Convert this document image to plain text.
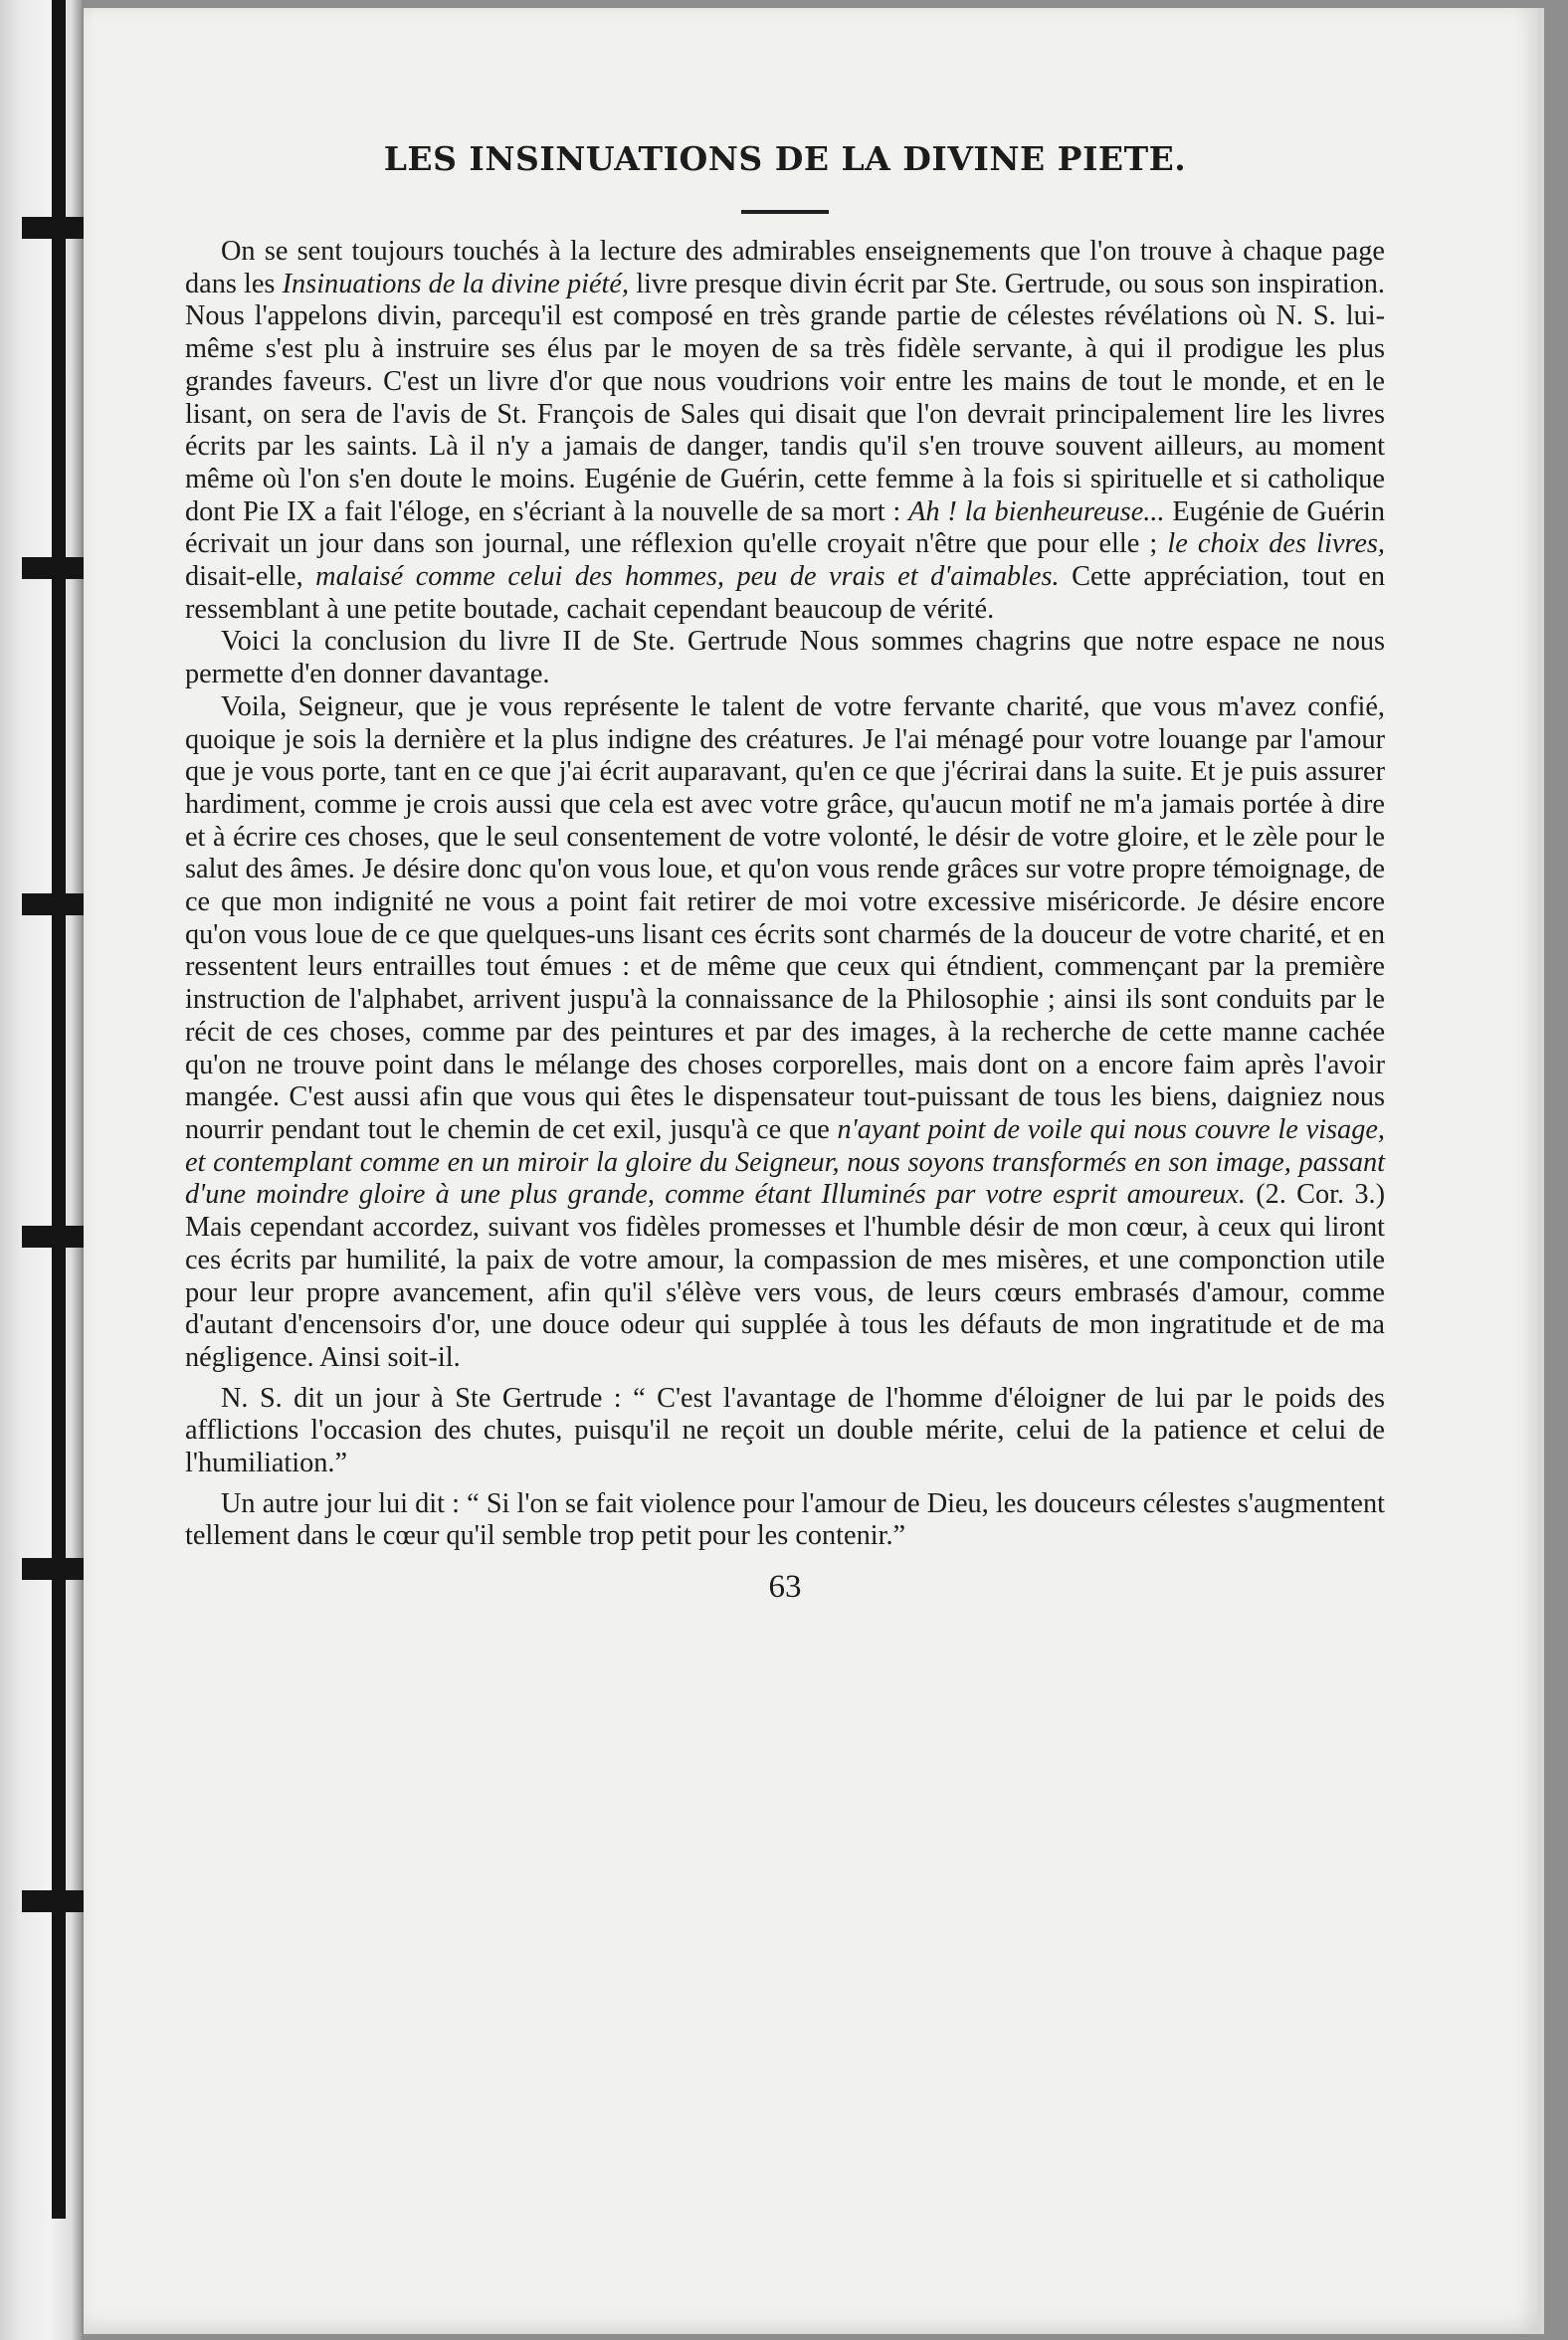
LES INSINUATIONS DE LA DIVINE PIETE.

On se sent toujours touchés à la lecture des admirables enseignements que l'on trouve à chaque page dans les Insinuations de la divine piété, livre presque divin écrit par Ste. Gertrude, ou sous son inspiration. Nous l'appelons divin, parcequ'il est composé en très grande partie de célestes révélations où N. S. lui-même s'est plu à instruire ses élus par le moyen de sa très fidèle servante, à qui il prodigue les plus grandes faveurs. C'est un livre d'or que nous voudrions voir entre les mains de tout le monde, et en le lisant, on sera de l'avis de St. François de Sales qui disait que l'on devrait principalement lire les livres écrits par les saints. Là il n'y a jamais de danger, tandis qu'il s'en trouve souvent ailleurs, au moment même où l'on s'en doute le moins. Eugénie de Guérin, cette femme à la fois si spirituelle et si catholique dont Pie IX a fait l'éloge, en s'écriant à la nouvelle de sa mort : Ah ! la bienheureuse... Eugénie de Guérin écrivait un jour dans son journal, une réflexion qu'elle croyait n'être que pour elle ; le choix des livres, disait-elle, malaisé comme celui des hommes, peu de vrais et d'aimables. Cette appréciation, tout en ressemblant à une petite boutade, cachait cependant beaucoup de vérité.

Voici la conclusion du livre II de Ste. Gertrude Nous sommes chagrins que notre espace ne nous permette d'en donner davantage.

Voila, Seigneur, que je vous représente le talent de votre fervante charité, que vous m'avez confié, quoique je sois la dernière et la plus indigne des créatures. Je l'ai ménagé pour votre louange par l'amour que je vous porte, tant en ce que j'ai écrit auparavant, qu'en ce que j'écrirai dans la suite. Et je puis assurer hardiment, comme je crois aussi que cela est avec votre grâce, qu'aucun motif ne m'a jamais portée à dire et à écrire ces choses, que le seul consentement de votre volonté, le désir de votre gloire, et le zèle pour le salut des âmes. Je désire donc qu'on vous loue, et qu'on vous rende grâces sur votre propre témoignage, de ce que mon indignité ne vous a point fait retirer de moi votre excessive miséricorde. Je désire encore qu'on vous loue de ce que quelques-uns lisant ces écrits sont charmés de la douceur de votre charité, et en ressentent leurs entrailles tout émues : et de même que ceux qui étndient, commençant par la première instruction de l'alphabet, arrivent juspu'à la connaissance de la Philosophie ; ainsi ils sont conduits par le récit de ces choses, comme par des peintures et par des images, à la recherche de cette manne cachée qu'on ne trouve point dans le mélange des choses corporelles, mais dont on a encore faim après l'avoir mangée. C'est aussi afin que vous qui êtes le dispensateur tout-puissant de tous les biens, daigniez nous nourrir pendant tout le chemin de cet exil, jusqu'à ce que n'ayant point de voile qui nous couvre le visage, et contemplant comme en un miroir la gloire du Seigneur, nous soyons transformés en son image, passant d'une moindre gloire à une plus grande, comme étant Illuminés par votre esprit amoureux. (2. Cor. 3.) Mais cependant accordez, suivant vos fidèles promesses et l'humble désir de mon cœur, à ceux qui liront ces écrits par humilité, la paix de votre amour, la compassion de mes misères, et une componction utile pour leur propre avancement, afin qu'il s'élève vers vous, de leurs cœurs embrasés d'amour, comme d'autant d'encensoirs d'or, une douce odeur qui supplée à tous les défauts de mon ingratitude et de ma négligence. Ainsi soit-il.

N. S. dit un jour à Ste Gertrude : “ C'est l'avantage de l'homme d'éloigner de lui par le poids des afflictions l'occasion des chutes, puisqu'il ne reçoit un double mérite, celui de la patience et celui de l'humiliation.”

Un autre jour lui dit : “ Si l'on se fait violence pour l'amour de Dieu, les douceurs célestes s'augmentent tellement dans le cœur qu'il semble trop petit pour les contenir.”

63
